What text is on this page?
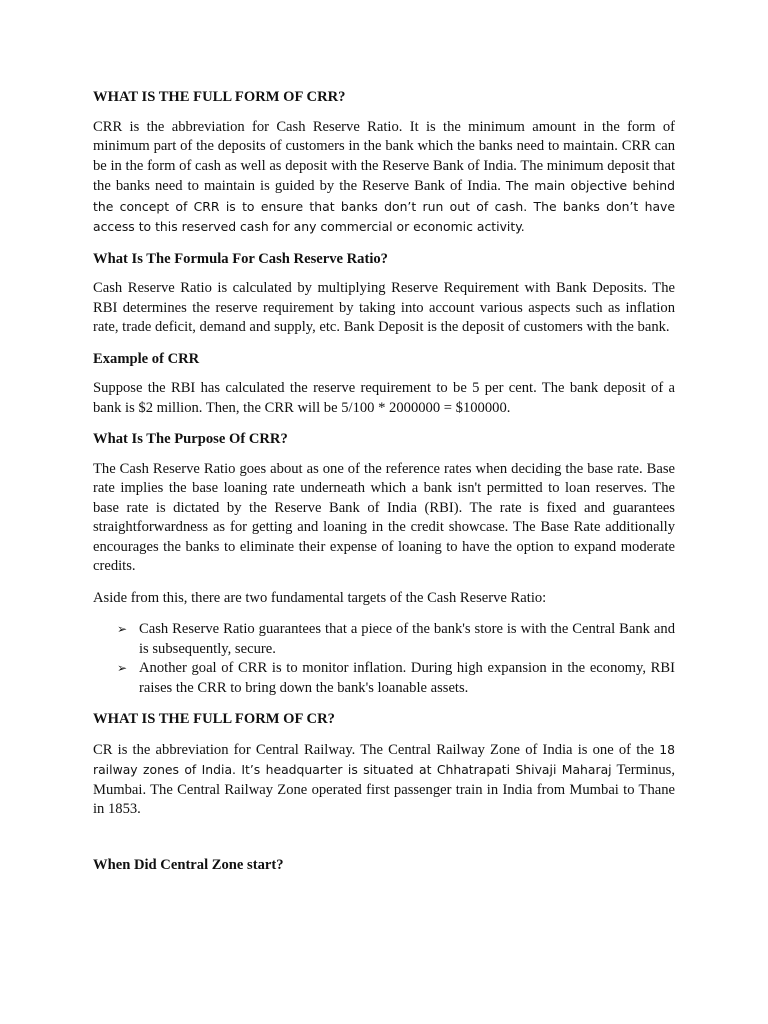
WHAT IS THE FULL FORM OF CRR?

CRR is the abbreviation for Cash Reserve Ratio. It is the minimum amount in the form of minimum part of the deposits of customers in the bank which the banks need to maintain. CRR can be in the form of cash as well as deposit with the Reserve Bank of India. The minimum deposit that the banks need to maintain is guided by the Reserve Bank of India. The main objective behind the concept of CRR is to ensure that banks don’t run out of cash. The banks don’t have access to this reserved cash for any commercial or economic activity.

What Is The Formula For Cash Reserve Ratio?

Cash Reserve Ratio is calculated by multiplying Reserve Requirement with Bank Deposits. The RBI determines the reserve requirement by taking into account various aspects such as inflation rate, trade deficit, demand and supply, etc. Bank Deposit is the deposit of customers with the bank.

Example of CRR

Suppose the RBI has calculated the reserve requirement to be 5 per cent. The bank deposit of a bank is $2 million. Then, the CRR will be 5/100 * 2000000 = $100000.

What Is The Purpose Of CRR?

The Cash Reserve Ratio goes about as one of the reference rates when deciding the base rate. Base rate implies the base loaning rate underneath which a bank isn't permitted to loan reserves. The base rate is dictated by the Reserve Bank of India (RBI). The rate is fixed and guarantees straightforwardness as for getting and loaning in the credit showcase. The Base Rate additionally encourages the banks to eliminate their expense of loaning to have the option to expand moderate credits.

Aside from this, there are two fundamental targets of the Cash Reserve Ratio:

➢ Cash Reserve Ratio guarantees that a piece of the bank's store is with the Central Bank and is subsequently, secure.
➢ Another goal of CRR is to monitor inflation. During high expansion in the economy, RBI raises the CRR to bring down the bank's loanable assets.
WHAT IS THE FULL FORM OF CR?

CR is the abbreviation for Central Railway. The Central Railway Zone of India is one of the 18 railway zones of India. It’s headquarter is situated at Chhatrapati Shivaji Maharaj Terminus, Mumbai. The Central Railway Zone operated first passenger train in India from Mumbai to Thane in 1853.

When Did Central Zone start?
